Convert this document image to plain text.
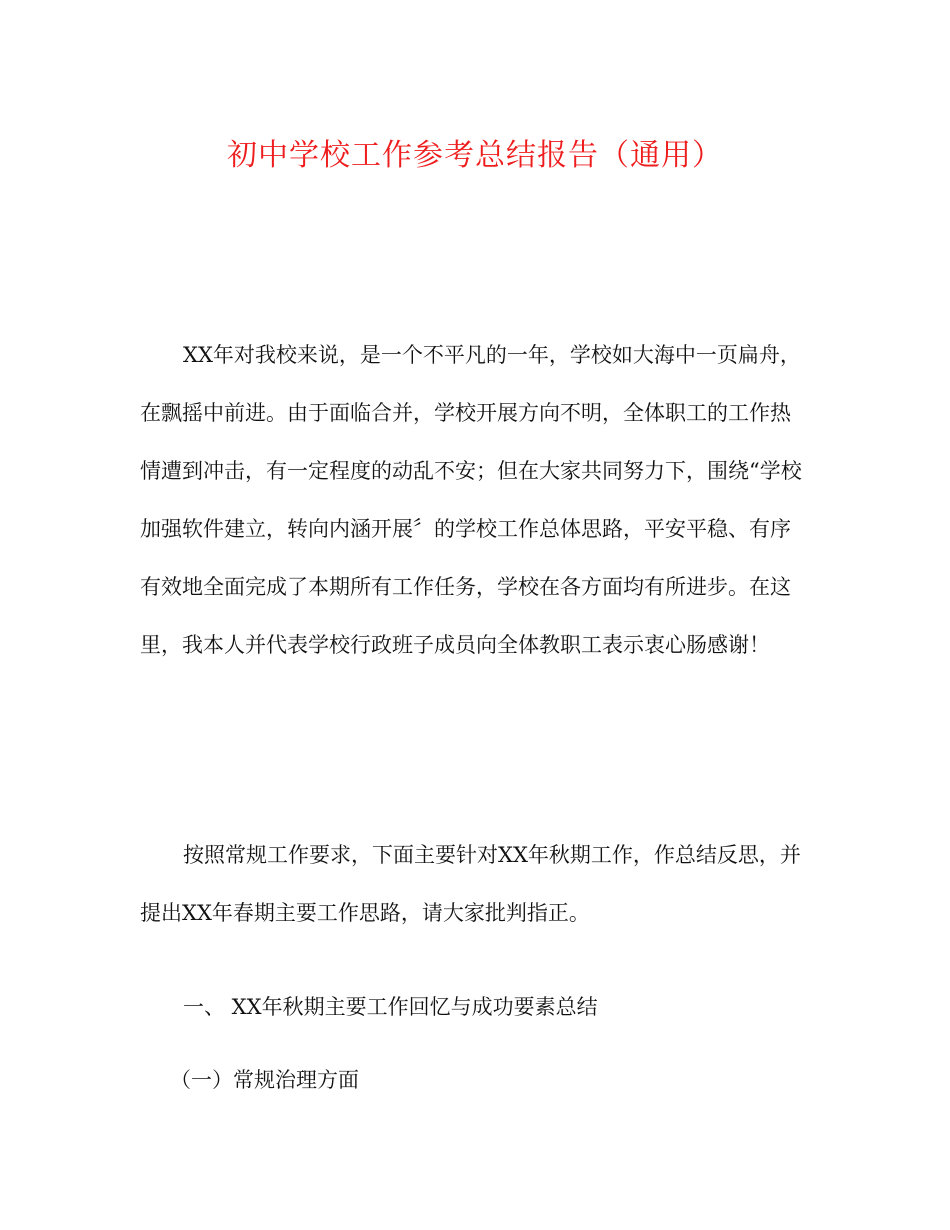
初中学校工作参考总结报告（通用）

XX年对我校来说，是一个不平凡的一年，学校如大海中一页扁舟，在飘摇中前进。由于面临合并，学校开展方向不明，全体职工的工作热情遭到冲击，有一定程度的动乱不安；但在大家共同努力下，围绕“学校加强软件建立，转向内涵开展〞的学校工作总体思路，平安平稳、有序有效地全面完成了本期所有工作任务，学校在各方面均有所进步。在这里，我本人并代表学校行政班子成员向全体教职工表示衷心肠感谢！

按照常规工作要求，下面主要针对XX年秋期工作，作总结反思，并提出XX年春期主要工作思路，请大家批判指正。

一、 XX年秋期主要工作回忆与成功要素总结
（一）常规治理方面
